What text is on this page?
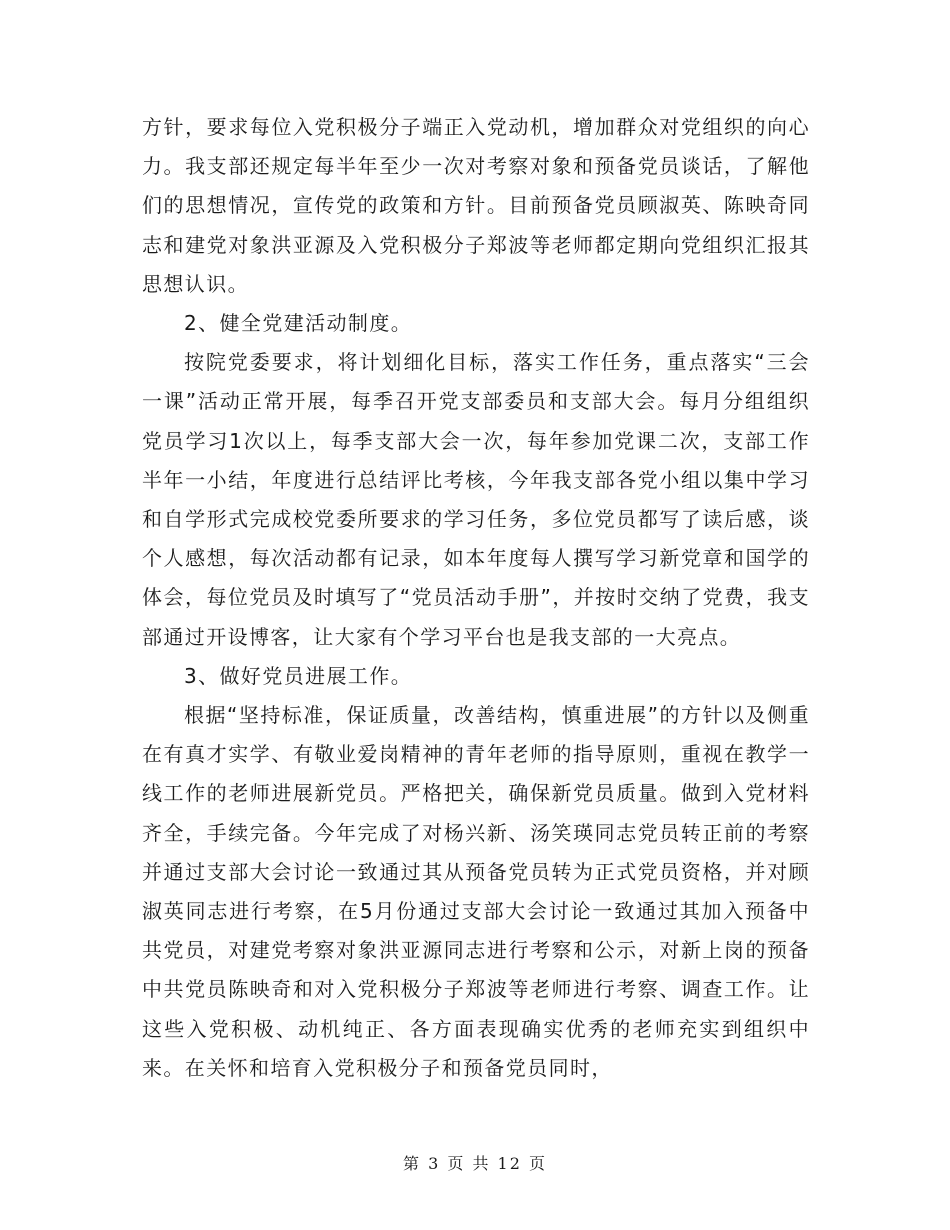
方针，要求每位入党积极分子端正入党动机，增加群众对党组织的向心力。我支部还规定每半年至少一次对考察对象和预备党员谈话，了解他们的思想情况，宣传党的政策和方针。目前预备党员顾淑英、陈映奇同志和建党对象洪亚源及入党积极分子郑波等老师都定期向党组织汇报其思想认识。

2、健全党建活动制度。

按院党委要求，将计划细化目标，落实工作任务，重点落实“三会一课”活动正常开展，每季召开党支部委员和支部大会。每月分组组织党员学习1次以上，每季支部大会一次，每年参加党课二次，支部工作半年一小结，年度进行总结评比考核，今年我支部各党小组以集中学习和自学形式完成校党委所要求的学习任务，多位党员都写了读后感，谈个人感想，每次活动都有记录，如本年度每人撰写学习新党章和国学的体会，每位党员及时填写了“党员活动手册”，并按时交纳了党费，我支部通过开设博客，让大家有个学习平台也是我支部的一大亮点。

3、做好党员进展工作。

根据“坚持标准，保证质量，改善结构，慎重进展”的方针以及侧重在有真才实学、有敬业爱岗精神的青年老师的指导原则，重视在教学一线工作的老师进展新党员。严格把关，确保新党员质量。做到入党材料齐全，手续完备。今年完成了对杨兴新、汤笑瑛同志党员转正前的考察并通过支部大会讨论一致通过其从预备党员转为正式党员资格，并对顾淑英同志进行考察，在5月份通过支部大会讨论一致通过其加入预备中共党员，对建党考察对象洪亚源同志进行考察和公示，对新上岗的预备中共党员陈映奇和对入党积极分子郑波等老师进行考察、调查工作。让这些入党积极、动机纯正、各方面表现确实优秀的老师充实到组织中来。在关怀和培育入党积极分子和预备党员同时，

第 3 页 共 12 页
